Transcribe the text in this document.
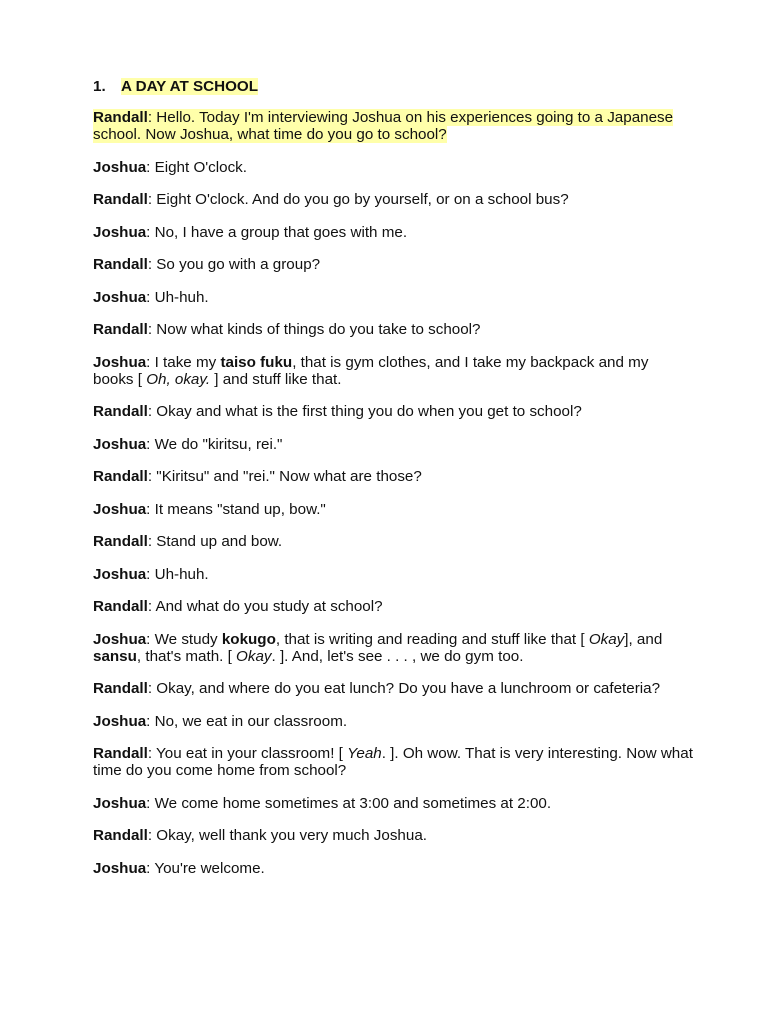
1. A DAY AT SCHOOL

Randall: Hello. Today I'm interviewing Joshua on his experiences going to a Japanese school. Now Joshua, what time do you go to school?

Joshua: Eight O'clock.

Randall: Eight O'clock. And do you go by yourself, or on a school bus?

Joshua: No, I have a group that goes with me.

Randall: So you go with a group?

Joshua: Uh-huh.

Randall: Now what kinds of things do you take to school?

Joshua: I take my taiso fuku, that is gym clothes, and I take my backpack and my books [ Oh, okay. ] and stuff like that.

Randall: Okay and what is the first thing you do when you get to school?

Joshua: We do "kiritsu, rei."

Randall: "Kiritsu" and "rei." Now what are those?

Joshua: It means "stand up, bow."

Randall: Stand up and bow.

Joshua: Uh-huh.

Randall: And what do you study at school?

Joshua: We study kokugo, that is writing and reading and stuff like that [ Okay], and sansu, that's math. [ Okay. ]. And, let's see . . . , we do gym too.

Randall: Okay, and where do you eat lunch? Do you have a lunchroom or cafeteria?

Joshua: No, we eat in our classroom.

Randall: You eat in your classroom! [ Yeah. ]. Oh wow. That is very interesting. Now what time do you come home from school?

Joshua: We come home sometimes at 3:00 and sometimes at 2:00.

Randall: Okay, well thank you very much Joshua.

Joshua: You're welcome.
